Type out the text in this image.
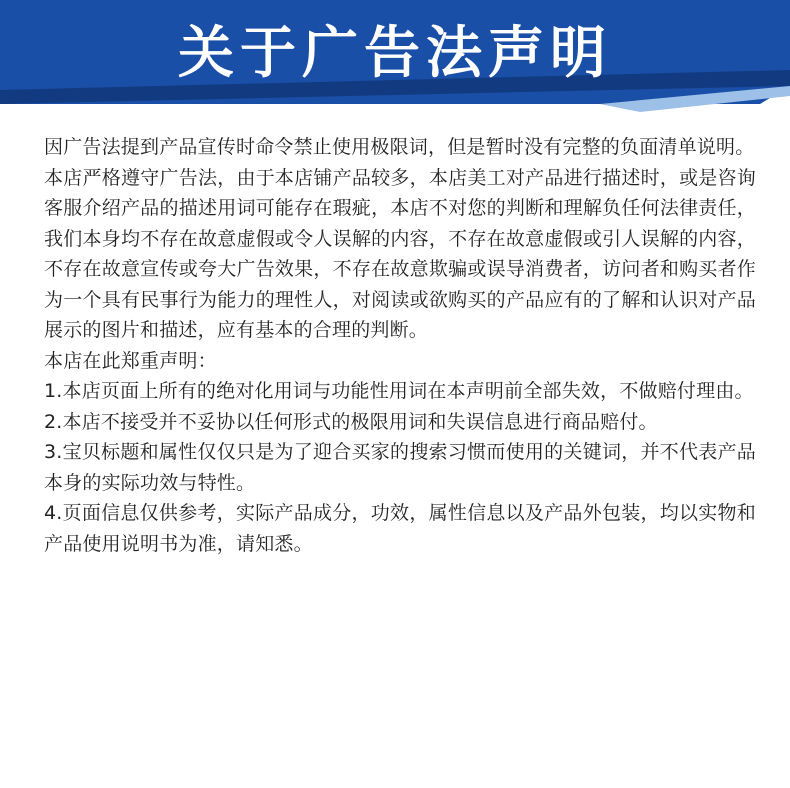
关于广告法声明

因广告法提到产品宣传时命令禁止使用极限词，但是暂时没有完整的负面清单说明。

本店严格遵守广告法，由于本店铺产品较多，本店美工对产品进行描述时，或是咨询客服介绍产品的描述用词可能存在瑕疵，本店不对您的判断和理解负任何法律责任，我们本身均不存在故意虚假或令人误解的内容，不存在故意虚假或引人误解的内容，不存在故意宣传或夸大广告效果，不存在故意欺骗或误导消费者，访问者和购买者作为一个具有民事行为能力的理性人，对阅读或欲购买的产品应有的了解和认识对产品展示的图片和描述，应有基本的合理的判断。

本店在此郑重声明：

1.本店页面上所有的绝对化用词与功能性用词在本声明前全部失效，不做赔付理由。

2.本店不接受并不妥协以任何形式的极限用词和失误信息进行商品赔付。

3.宝贝标题和属性仅仅只是为了迎合买家的搜索习惯而使用的关键词，并不代表产品本身的实际功效与特性。

4.页面信息仅供参考，实际产品成分，功效，属性信息以及产品外包装，均以实物和产品使用说明书为准，请知悉。
